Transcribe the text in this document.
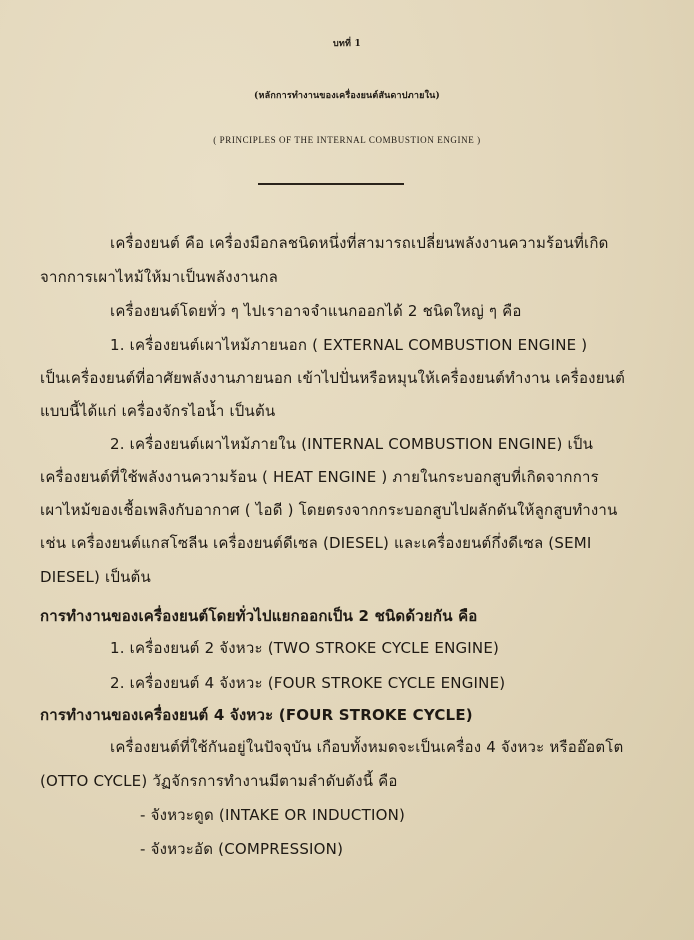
บทที่ 1
(หลักการทำงานของเครื่องยนต์สันดาปภายใน)
( PRINCIPLES OF THE INTERNAL COMBUSTION ENGINE )
เครื่องยนต์ คือ เครื่องมือกลชนิดหนึ่งที่สามารถเปลี่ยนพลังงานความร้อนที่เกิด
จากการเผาไหม้ให้มาเป็นพลังงานกล
เครื่องยนต์โดยทั่ว ๆ ไปเราอาจจำแนกออกได้ 2 ชนิดใหญ่ ๆ คือ
1. เครื่องยนต์เผาไหม้ภายนอก ( EXTERNAL COMBUSTION ENGINE )
เป็นเครื่องยนต์ที่อาศัยพลังงานภายนอก เข้าไปปั่นหรือหมุนให้เครื่องยนต์ทำงาน เครื่องยนต์
แบบนี้ได้แก่ เครื่องจักรไอน้ำ เป็นต้น
2. เครื่องยนต์เผาไหม้ภายใน (INTERNAL COMBUSTION ENGINE) เป็น
เครื่องยนต์ที่ใช้พลังงานความร้อน ( HEAT ENGINE ) ภายในกระบอกสูบที่เกิดจากการ
เผาไหม้ของเชื้อเพลิงกับอากาศ ( ไอดี ) โดยตรงจากกระบอกสูบไปผลักดันให้ลูกสูบทำงาน
เช่น เครื่องยนต์แกสโซลีน เครื่องยนต์ดีเซล (DIESEL) และเครื่องยนต์กึ่งดีเซล (SEMI
DIESEL) เป็นต้น
การทำงานของเครื่องยนต์โดยทั่วไปแยกออกเป็น 2 ชนิดด้วยกัน คือ
1. เครื่องยนต์ 2 จังหวะ (TWO STROKE CYCLE ENGINE)
2. เครื่องยนต์ 4 จังหวะ (FOUR STROKE CYCLE ENGINE)
การทำงานของเครื่องยนต์ 4 จังหวะ (FOUR STROKE CYCLE)
เครื่องยนต์ที่ใช้กันอยู่ในปัจจุบัน เกือบทั้งหมดจะเป็นเครื่อง 4 จังหวะ หรืออ๊อตโต
(OTTO CYCLE) วัฏจักรการทำงานมีตามลำดับดังนี้ คือ
- จังหวะดูด (INTAKE OR INDUCTION)
- จังหวะอัด (COMPRESSION)
